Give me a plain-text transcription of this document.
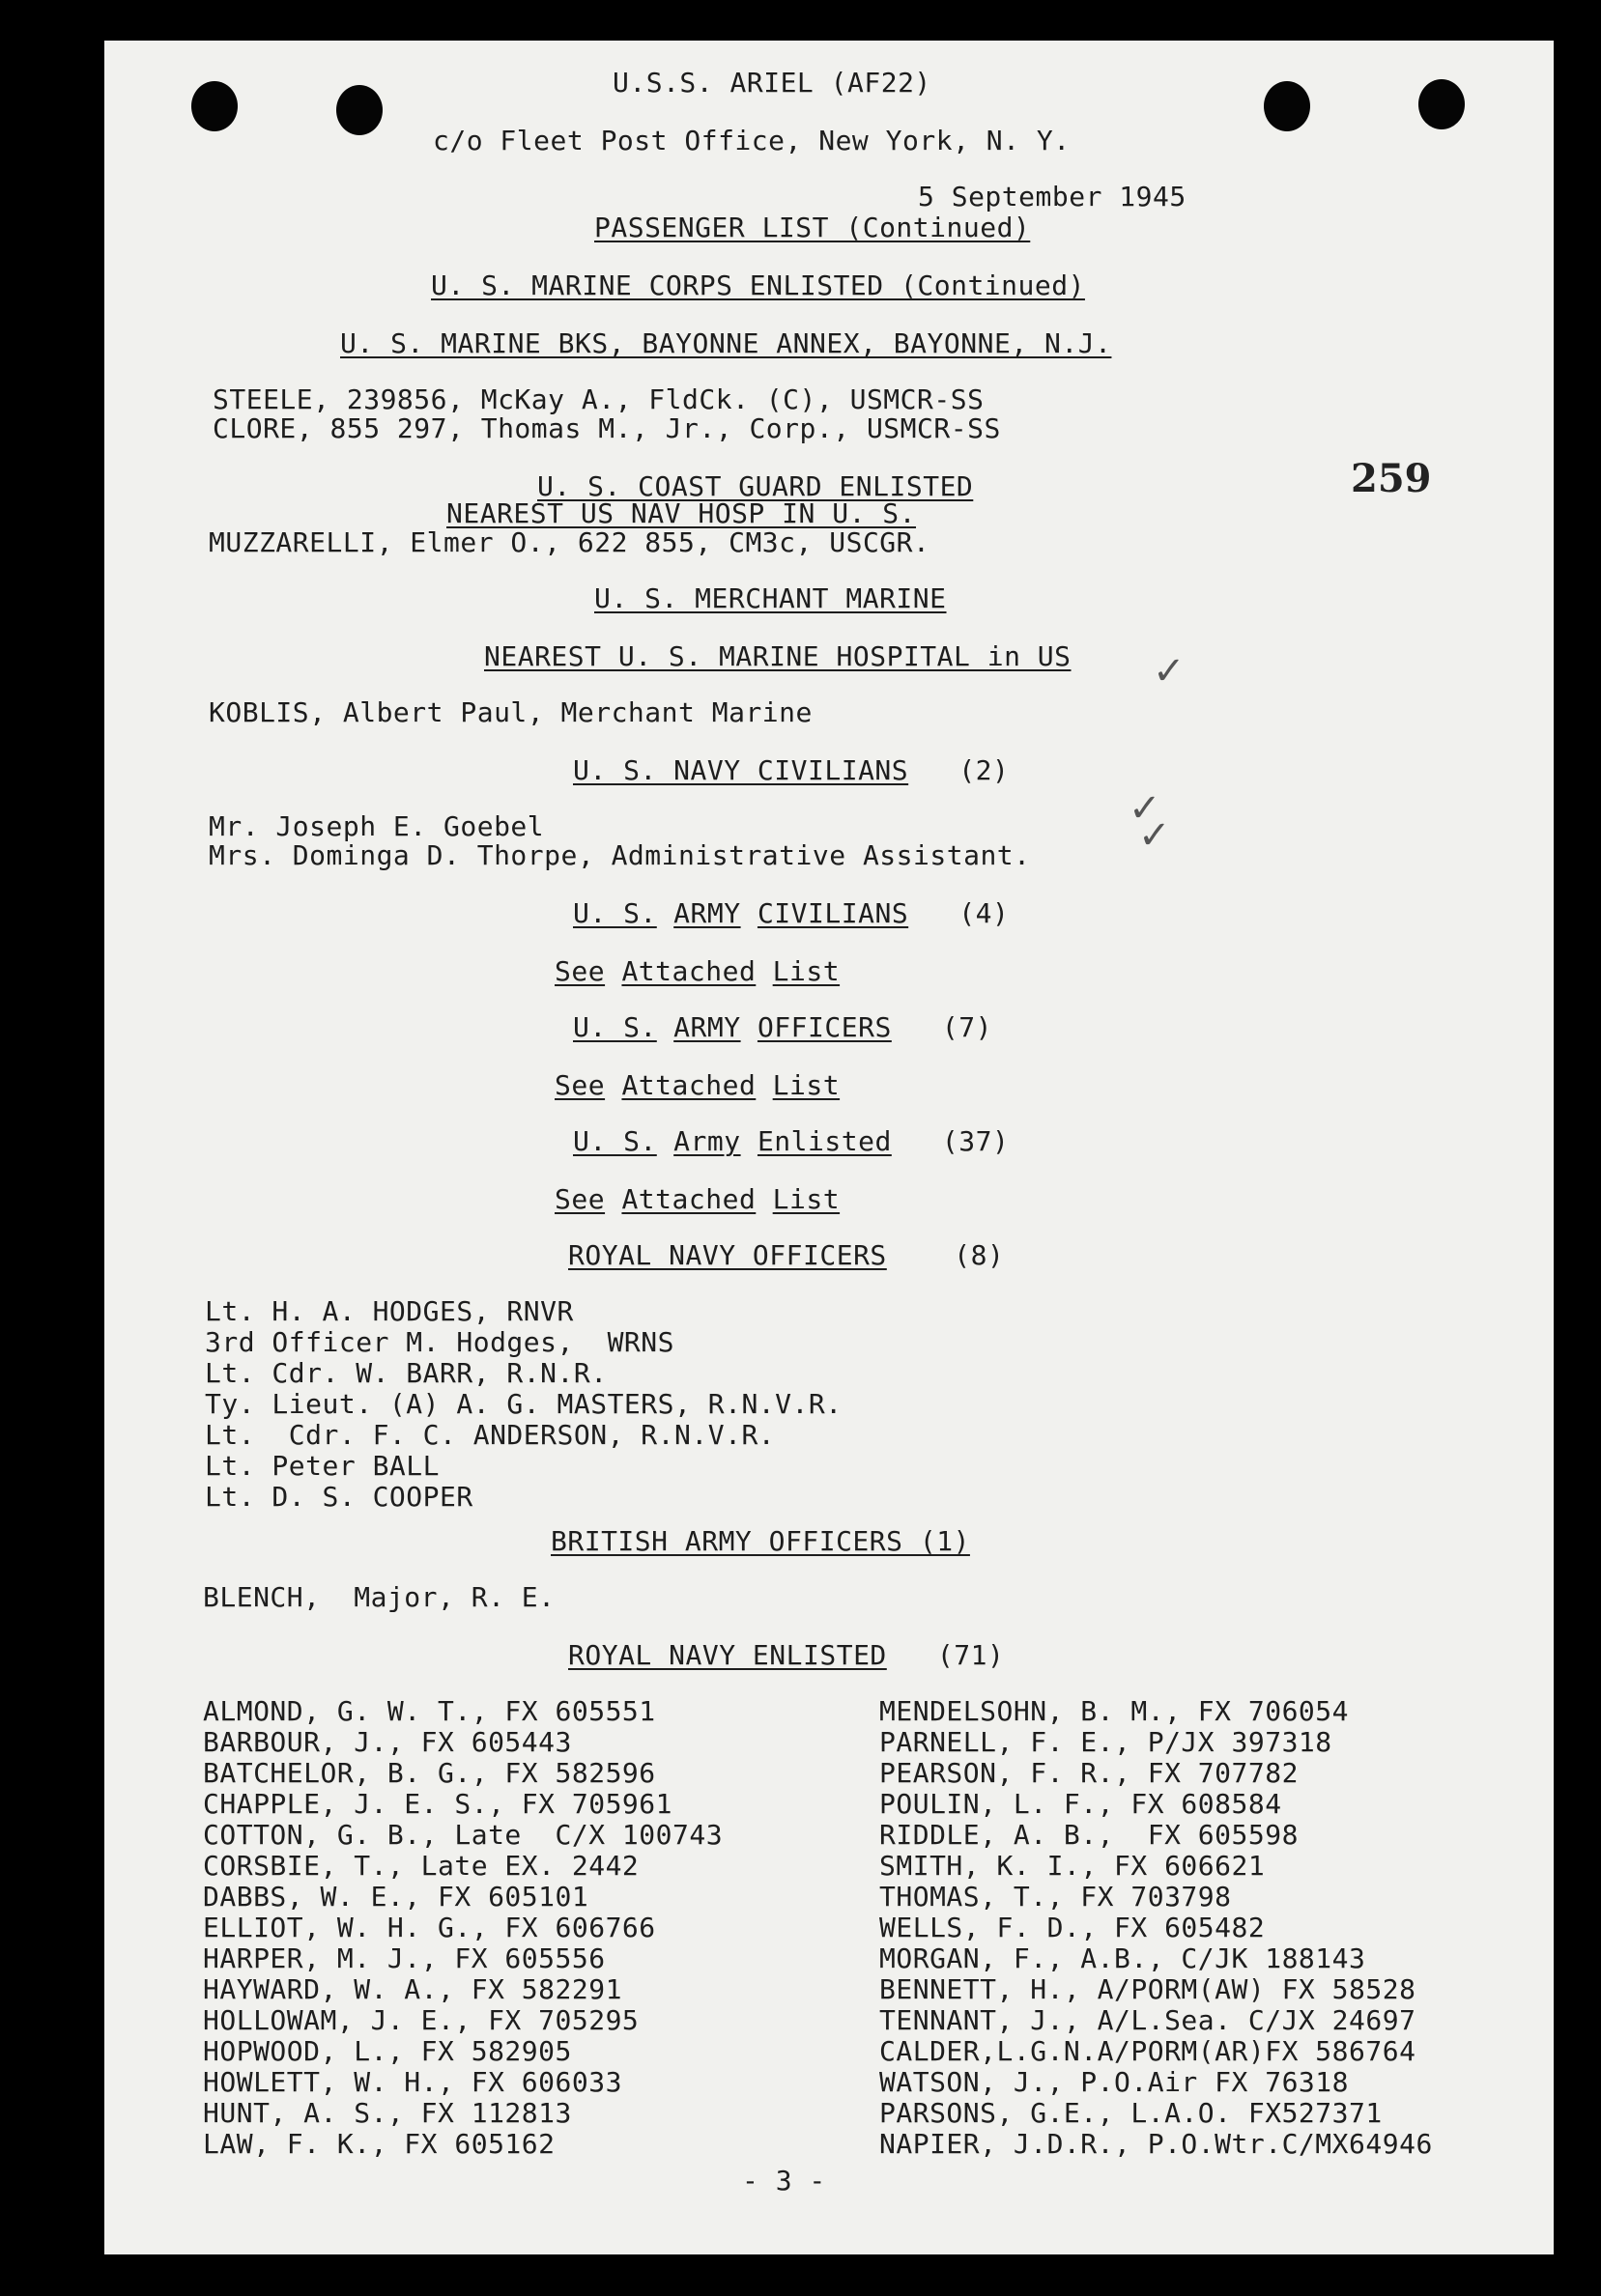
U.S.S. ARIEL (AF22)
c/o Fleet Post Office, New York, N. Y.
5 September 1945
PASSENGER LIST (Continued)
U. S. MARINE CORPS ENLISTED (Continued)
U. S. MARINE BKS, BAYONNE ANNEX, BAYONNE, N.J.
STEELE, 239856, McKay A., FldCk. (C), USMCR-SS
CLORE, 855 297, Thomas M., Jr., Corp., USMCR-SS
U. S. COAST GUARD ENLISTED
NEAREST US NAV HOSP IN U. S.
MUZZARELLI, Elmer O., 622 855, CM3c, USCGR.
259
U. S. MERCHANT MARINE
NEAREST U. S. MARINE HOSPITAL in US
KOBLIS, Albert Paul, Merchant Marine
✓
U. S. NAVY CIVILIANS (2)
Mr. Joseph E. Goebel
Mrs. Dominga D. Thorpe, Administrative Assistant.
✓
✓
U. S. ARMY CIVILIANS (4)
See Attached List
U. S. ARMY OFFICERS (7)
See Attached List
U. S. Army Enlisted (37)
See Attached List
ROYAL NAVY OFFICERS (8)
Lt. H. A. HODGES, RNVR
3rd Officer M. Hodges,  WRNS
Lt. Cdr. W. BARR, R.N.R.
Ty. Lieut. (A) A. G. MASTERS, R.N.V.R.
Lt.  Cdr. F. C. ANDERSON, R.N.V.R.
Lt. Peter BALL
Lt. D. S. COOPER
BRITISH ARMY OFFICERS (1)
BLENCH,  Major, R. E.
ROYAL NAVY ENLISTED (71)
ALMOND, G. W. T., FX 605551
BARBOUR, J., FX 605443
BATCHELOR, B. G., FX 582596
CHAPPLE, J. E. S., FX 705961
COTTON, G. B., Late  C/X 100743
CORSBIE, T., Late EX. 2442
DABBS, W. E., FX 605101
ELLIOT, W. H. G., FX 606766
HARPER, M. J., FX 605556
HAYWARD, W. A., FX 582291
HOLLOWAM, J. E., FX 705295
HOPWOOD, L., FX 582905
HOWLETT, W. H., FX 606033
HUNT, A. S., FX 112813
LAW, F. K., FX 605162
MENDELSOHN, B. M., FX 706054
PARNELL, F. E., P/JX 397318
PEARSON, F. R., FX 707782
POULIN, L. F., FX 608584
RIDDLE, A. B.,  FX 605598
SMITH, K. I., FX 606621
THOMAS, T., FX 703798
WELLS, F. D., FX 605482
MORGAN, F., A.B., C/JK 188143
BENNETT, H., A/PORM(AW) FX 58528
TENNANT, J., A/L.Sea. C/JX 24697
CALDER,L.G.N.A/PORM(AR)FX 586764
WATSON, J., P.O.Air FX 76318
PARSONS, G.E., L.A.O. FX527371
NAPIER, J.D.R., P.O.Wtr.C/MX64946
- 3 -
